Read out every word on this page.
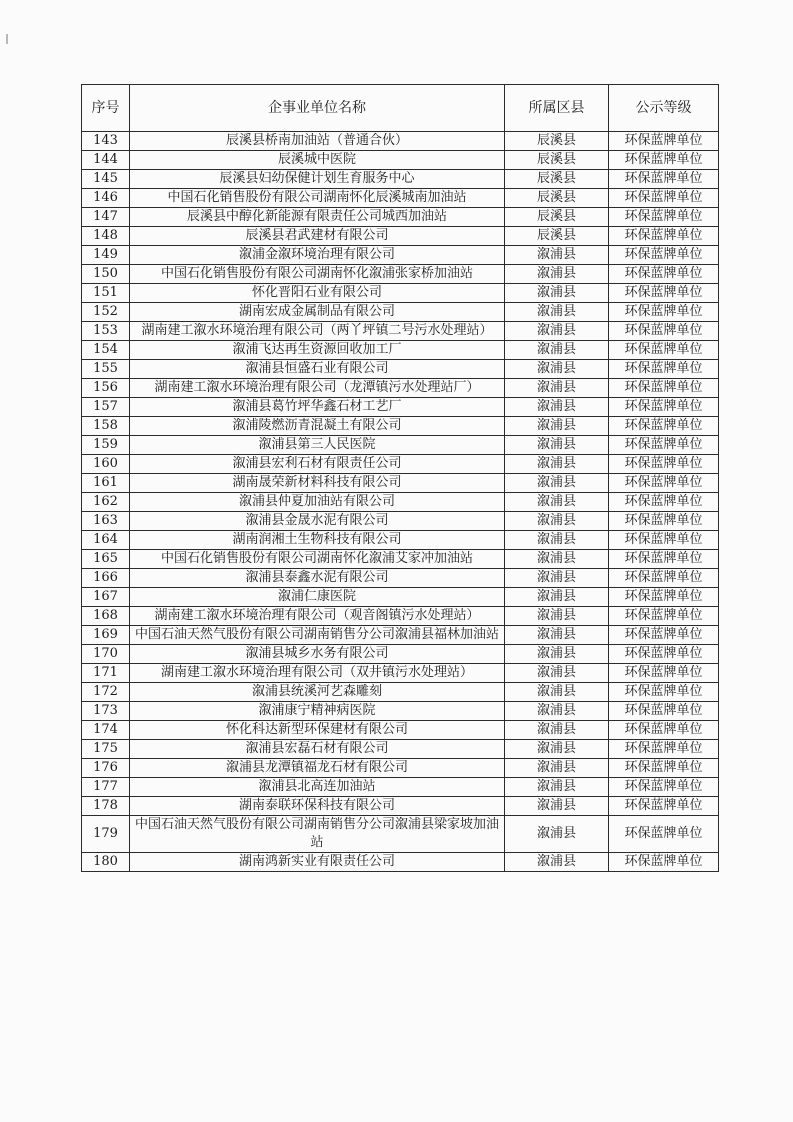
序号	企事业单位名称	所属区县	公示等级
143	辰溪县桥南加油站（普通合伙）	辰溪县	环保蓝牌单位
144	辰溪城中医院	辰溪县	环保蓝牌单位
145	辰溪县妇幼保健计划生育服务中心	辰溪县	环保蓝牌单位
146	中国石化销售股份有限公司湖南怀化辰溪城南加油站	辰溪县	环保蓝牌单位
147	辰溪县中醇化新能源有限责任公司城西加油站	辰溪县	环保蓝牌单位
148	辰溪县君武建材有限公司	辰溪县	环保蓝牌单位
149	溆浦金溆环境治理有限公司	溆浦县	环保蓝牌单位
150	中国石化销售股份有限公司湖南怀化溆浦张家桥加油站	溆浦县	环保蓝牌单位
151	怀化晋阳石业有限公司	溆浦县	环保蓝牌单位
152	湖南宏成金属制品有限公司	溆浦县	环保蓝牌单位
153	湖南建工溆水环境治理有限公司（两丫坪镇二号污水处理站）	溆浦县	环保蓝牌单位
154	溆浦飞达再生资源回收加工厂	溆浦县	环保蓝牌单位
155	溆浦县恒盛石业有限公司	溆浦县	环保蓝牌单位
156	湖南建工溆水环境治理有限公司（龙潭镇污水处理站厂）	溆浦县	环保蓝牌单位
157	溆浦县葛竹坪华鑫石材工艺厂	溆浦县	环保蓝牌单位
158	溆浦陵燃沥青混凝土有限公司	溆浦县	环保蓝牌单位
159	溆浦县第三人民医院	溆浦县	环保蓝牌单位
160	溆浦县宏利石材有限责任公司	溆浦县	环保蓝牌单位
161	湖南晟荣新材料科技有限公司	溆浦县	环保蓝牌单位
162	溆浦县仲夏加油站有限公司	溆浦县	环保蓝牌单位
163	溆浦县金晟水泥有限公司	溆浦县	环保蓝牌单位
164	湖南润湘土生物科技有限公司	溆浦县	环保蓝牌单位
165	中国石化销售股份有限公司湖南怀化溆浦艾家冲加油站	溆浦县	环保蓝牌单位
166	溆浦县泰鑫水泥有限公司	溆浦县	环保蓝牌单位
167	溆浦仁康医院	溆浦县	环保蓝牌单位
168	湖南建工溆水环境治理有限公司（观音阁镇污水处理站）	溆浦县	环保蓝牌单位
169	中国石油天然气股份有限公司湖南销售分公司溆浦县福林加油站	溆浦县	环保蓝牌单位
170	溆浦县城乡水务有限公司	溆浦县	环保蓝牌单位
171	湖南建工溆水环境治理有限公司（双井镇污水处理站）	溆浦县	环保蓝牌单位
172	溆浦县统溪河艺森雕刻	溆浦县	环保蓝牌单位
173	溆浦康宁精神病医院	溆浦县	环保蓝牌单位
174	怀化科达新型环保建材有限公司	溆浦县	环保蓝牌单位
175	溆浦县宏磊石材有限公司	溆浦县	环保蓝牌单位
176	溆浦县龙潭镇福龙石材有限公司	溆浦县	环保蓝牌单位
177	溆浦县北高连加油站	溆浦县	环保蓝牌单位
178	湖南泰联环保科技有限公司	溆浦县	环保蓝牌单位
179	中国石油天然气股份有限公司湖南销售分公司溆浦县梁家坡加油站	溆浦县	环保蓝牌单位
180	湖南鸿新实业有限责任公司	溆浦县	环保蓝牌单位
